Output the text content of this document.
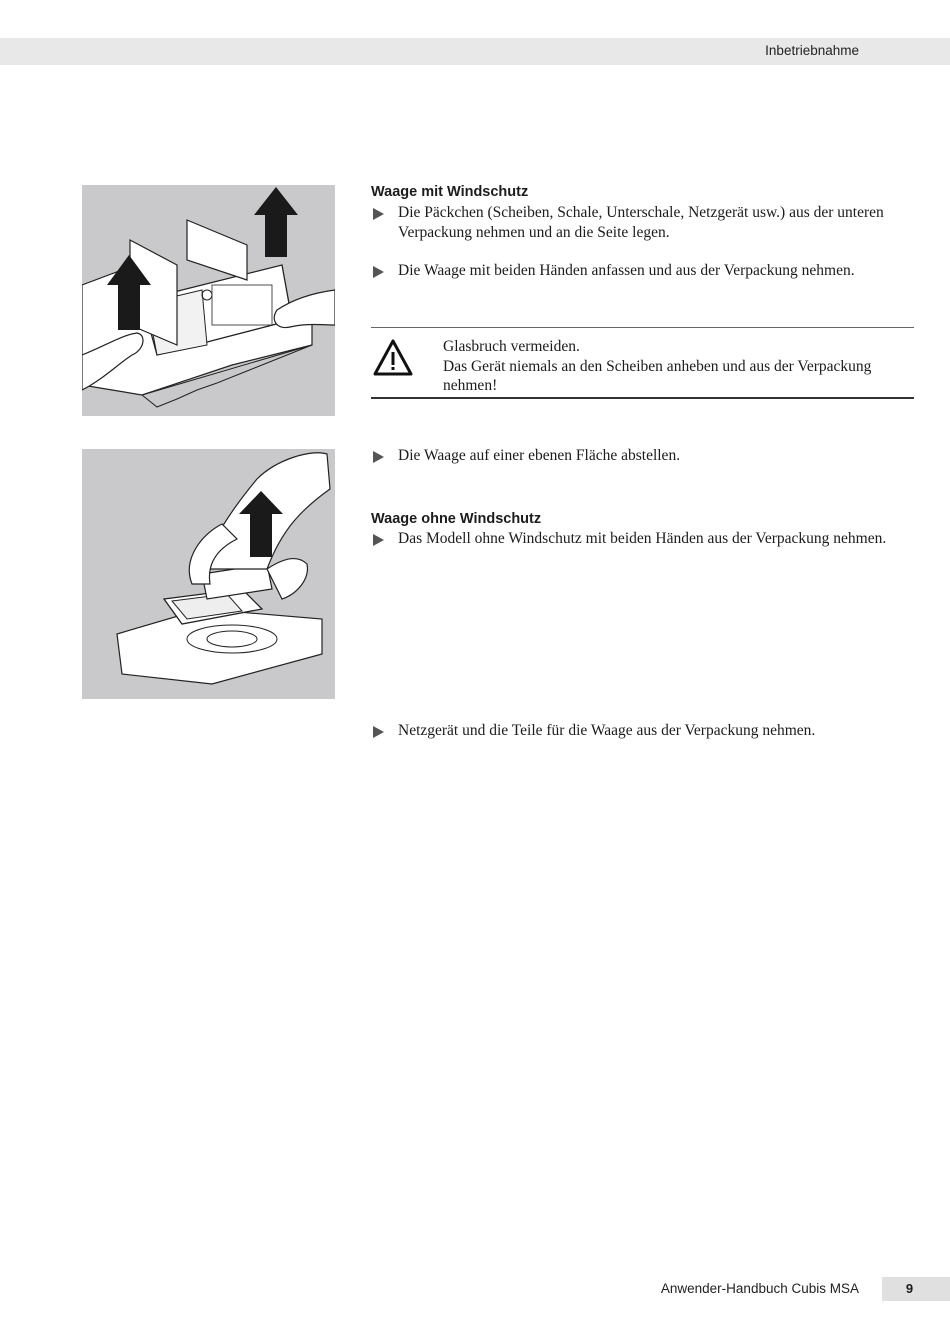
Inbetriebnahme
Waage mit Windschutz
Die Päckchen (Scheiben, Schale, Unterschale, Netzgerät usw.) aus der unteren Verpackung nehmen und an die Seite legen.
Die Waage mit beiden Händen anfassen und aus der Verpackung nehmen.
Glasbruch vermeiden.
Das Gerät niemals an den Scheiben anheben und aus der Verpackung nehmen!
Die Waage auf einer ebenen Fläche abstellen.
Waage ohne Windschutz
Das Modell ohne Windschutz mit beiden Händen aus der Verpackung nehmen.
Netzgerät und die Teile für die Waage aus der Verpackung nehmen.
Anwender-Handbuch Cubis MSA	9
